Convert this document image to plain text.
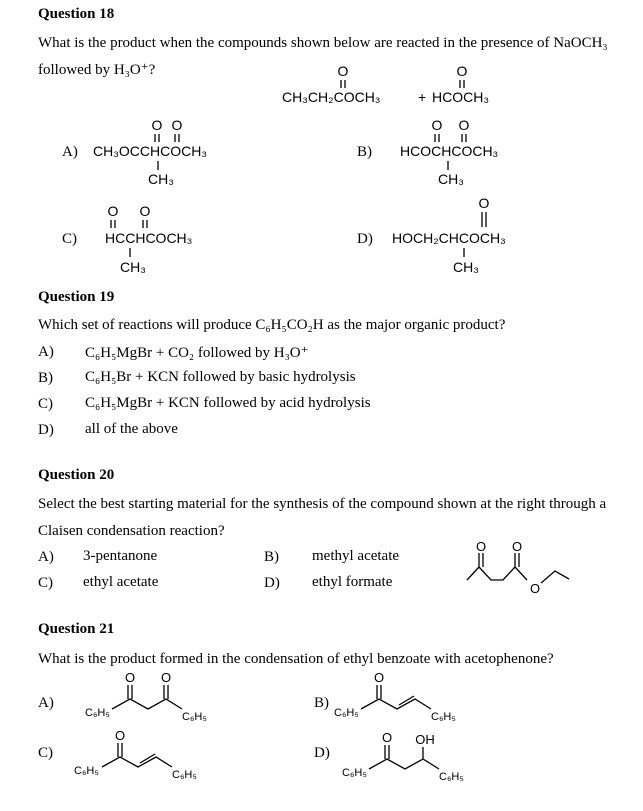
Question 18
What is the product when the compounds shown below are reacted in the presence of NaOCH₃
followed by H₃O⁺?	O
CH₃CH₂COCH₃	+
O
HCOCH₃
A)
O O
CH₃OCCHCOCH₃
CH₃
B)
O O
HCOCHCOCH₃
CH₃
C)
O O
HCCHCOCH₃
CH₃
D)
O
HOCH₂CHCOCH₃
CH₃
Question 19
Which set of reactions will produce C₆H₅CO₂H as the major organic product?
A) C₆H₅MgBr + CO₂ followed by H₃O⁺
B) C₆H₅Br + KCN followed by basic hydrolysis
C) C₆H₅MgBr + KCN followed by acid hydrolysis
D) all of the above
Question 20
Select the best starting material for the synthesis of the compound shown at the right through a
Claisen condensation reaction?
A) 3-pentanone	B) methyl acetate
C) ethyl acetate	D) ethyl formate
O O
O
Question 21
What is the product formed in the condensation of ethyl benzoate with acetophenone?
A)
C₆H₅
O O
C₆H₅
B)
C₆H₅
O
C₆H₅
C)
C₆H₅
O
C₆H₅
D)
C₆H₅
O OH
C₆H₅
